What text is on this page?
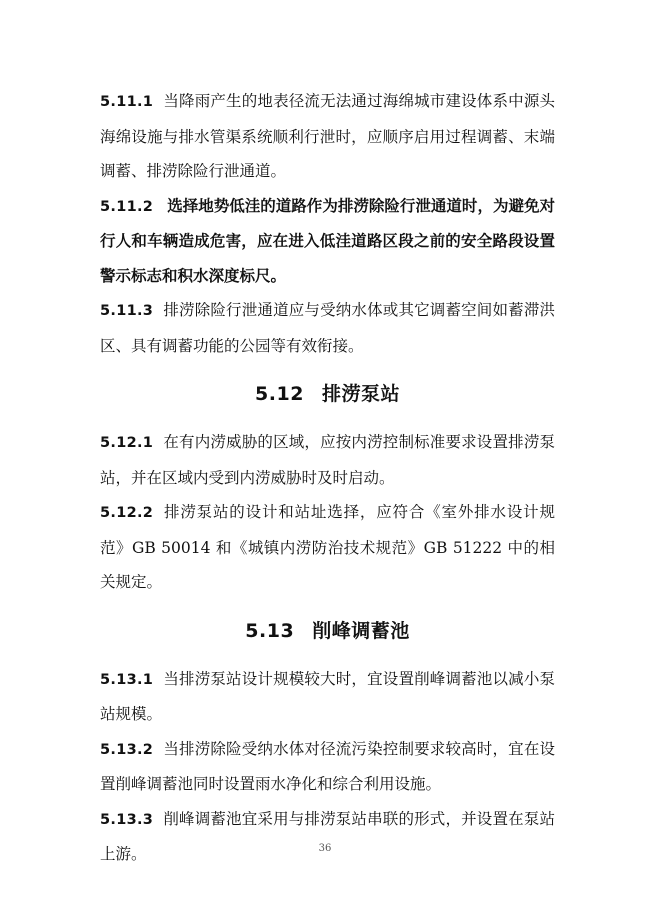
5.11.1 当降雨产生的地表径流无法通过海绵城市建设体系中源头海绵设施与排水管渠系统顺利行泄时，应顺序启用过程调蓄、末端调蓄、排涝除险行泄通道。

5.11.2 选择地势低洼的道路作为排涝除险行泄通道时，为避免对行人和车辆造成危害，应在进入低洼道路区段之前的安全路段设置警示标志和积水深度标尺。

5.11.3 排涝除险行泄通道应与受纳水体或其它调蓄空间如蓄滞洪区、具有调蓄功能的公园等有效衔接。

5.12 排涝泵站

5.12.1 在有内涝威胁的区域，应按内涝控制标准要求设置排涝泵站，并在区域内受到内涝威胁时及时启动。

5.12.2 排涝泵站的设计和站址选择，应符合《室外排水设计规范》GB 50014 和《城镇内涝防治技术规范》GB 51222 中的相关规定。

5.13 削峰调蓄池

5.13.1 当排涝泵站设计规模较大时，宜设置削峰调蓄池以减小泵站规模。

5.13.2 当排涝除险受纳水体对径流污染控制要求较高时，宜在设置削峰调蓄池同时设置雨水净化和综合利用设施。

5.13.3 削峰调蓄池宜采用与排涝泵站串联的形式，并设置在泵站上游。	36
